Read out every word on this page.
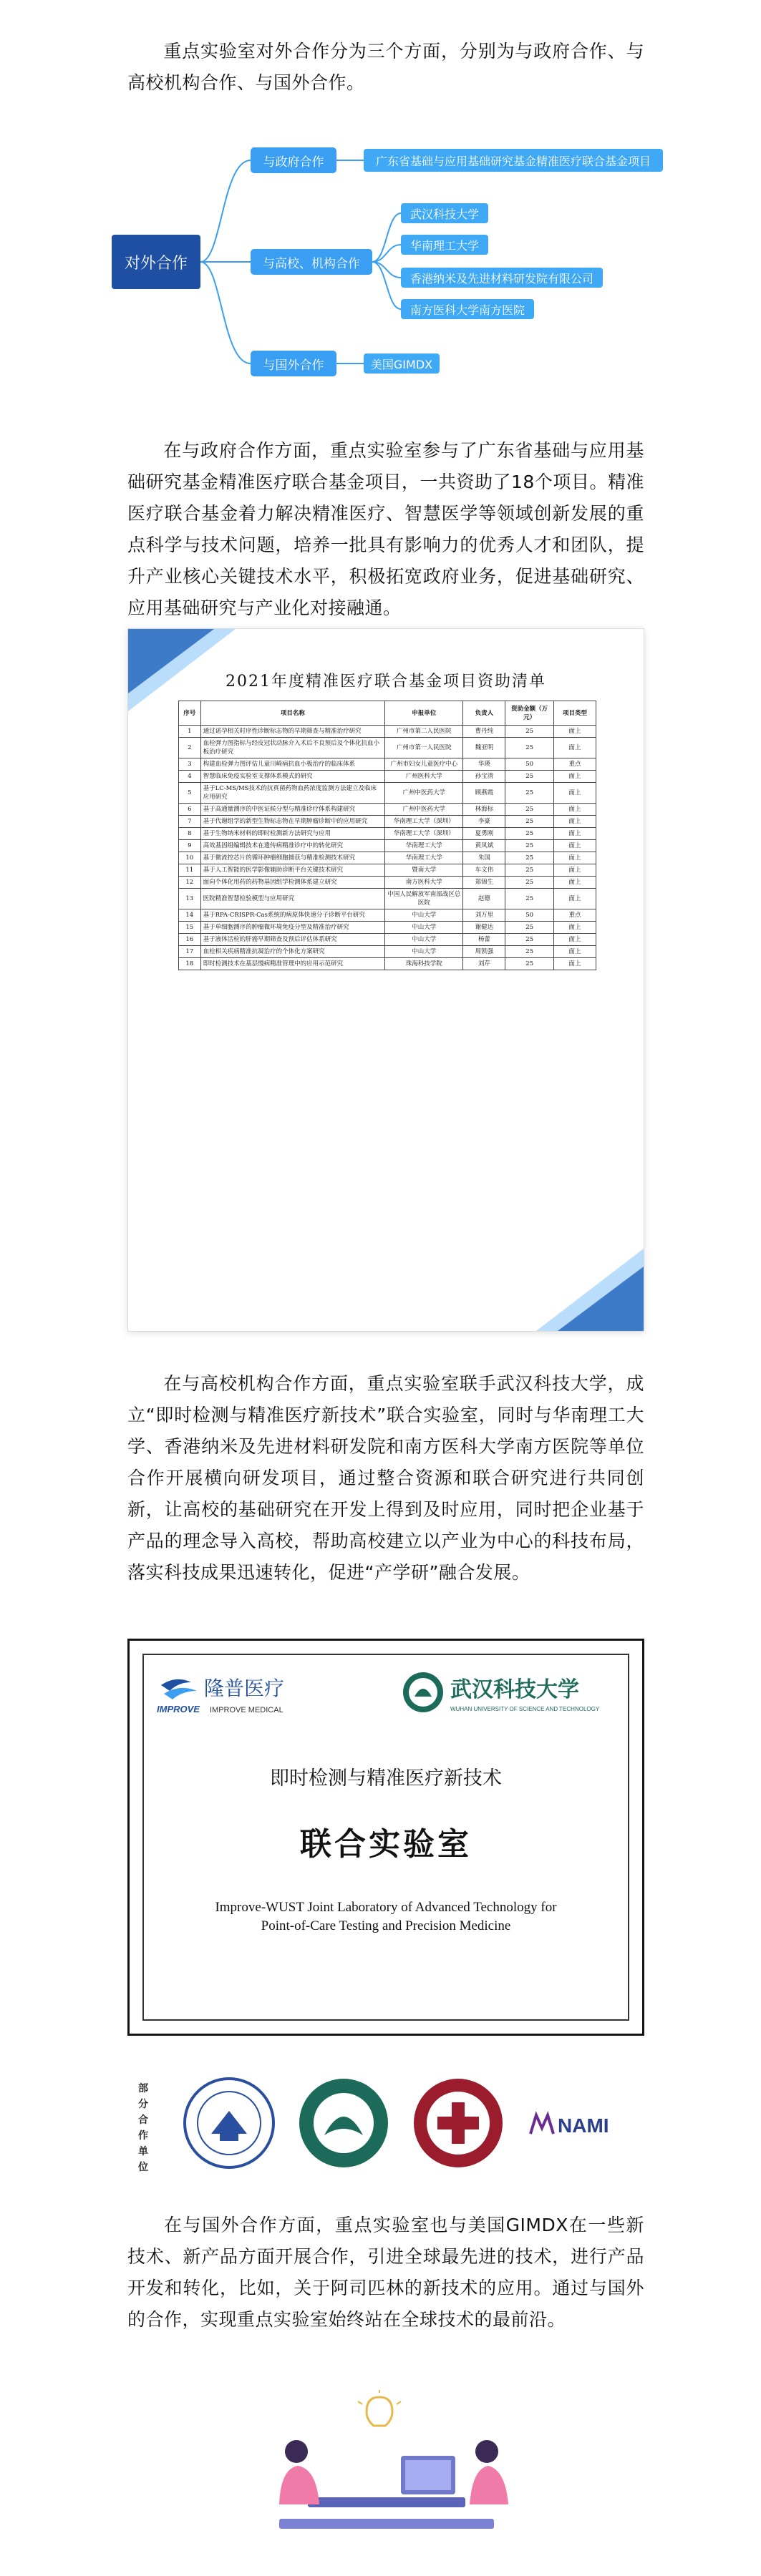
重点实验室对外合作分为三个方面，分别为与政府合作、与高校机构合作、与国外合作。
对外合作
与政府合作
与高校、机构合作
与国外合作
广东省基础与应用基础研究基金精准医疗联合基金项目
武汉科技大学
华南理工大学
香港纳米及先进材料研发院有限公司
南方医科大学南方医院
美国GIMDX
在与政府合作方面，重点实验室参与了广东省基础与应用基础研究基金精准医疗联合基金项目，一共资助了18个项目。精准医疗联合基金着力解决精准医疗、智慧医学等领域创新发展的重点科学与技术问题，培养一批具有影响力的优秀人才和团队，提升产业核心关键技术水平，积极拓宽政府业务，促进基础研究、应用基础研究与产业化对接融通。
2021年度精准医疗联合基金项目资助清单
序号	项目名称	申报单位	负责人	资助金额（万元）	项目类型
1	通过诺孕相关时序性诊断标志物的早期筛查与精准治疗研究	广州市第二人民医院	曹丹纯	25	面上
2	血栓弹力图指标与经皮冠状动脉介入术后不良预后及个体化抗血小板治疗研究	广州市第一人民医院	魏亚明	25	面上
3	构建血栓弹力图评估儿童川崎病抗血小板治疗的临床体系	广州市妇女儿童医疗中心	华瑛	50	重点
4	智慧临床免疫实验室支撑体系模式的研究	广州医科大学	孙宝清	25	面上
5	基于LC-MS/MS技术的抗真菌药物血药浓度监测方法建立及临床应用研究	广州中医药大学	顾燕霞	25	面上
6	基于高通量测序的中医证候分型与精准诊疗体系构建研究	广州中医药大学	林海标	25	面上
7	基于代谢组学的新型生物标志物在早期肿瘤诊断中的应用研究	华南理工大学（深圳）	李豪	25	面上
8	基于生物纳米材料的即时检测新方法研究与应用	华南理工大学（深圳）	夏勇刚	25	面上
9	高效基因组编辑技术在遗传病精准诊疗中的转化研究	华南理工大学	黄凤斌	25	面上
10	基于微流控芯片的循环肿瘤细胞捕获与精准检测技术研究	华南理工大学	朱国	25	面上
11	基于人工智能的医学影像辅助诊断平台关键技术研究	暨南大学	车文伟	25	面上
12	面向个体化用药的药物基因组学检测体系建立研究	南方医科大学	郑锦生	25	面上
13	医院精准智慧检验模型与应用研究	中国人民解放军南部战区总医院	赵德	25	面上
14	基于RPA-CRISPR-Cas系统的病原体快速分子诊断平台研究	中山大学	刘万里	50	重点
15	基于单细胞测序的肿瘤微环境免疫分型及精准治疗研究	中山大学	谢健达	25	面上
16	基于液体活检的肝癌早期筛查及预后评估体系研究	中山大学	杨蕾	25	面上
17	血栓相关疾病精准抗凝治疗的个体化方案研究	中山大学	周凯强	25	面上
18	即时检测技术在基层慢病精准管理中的应用示范研究	珠海科技学院	刘芹	25	面上
在与高校机构合作方面，重点实验室联手武汉科技大学，成立“即时检测与精准医疗新技术”联合实验室，同时与华南理工大学、香港纳米及先进材料研发院和南方医科大学南方医院等单位合作开展横向研发项目，通过整合资源和联合研究进行共同创新，让高校的基础研究在开发上得到及时应用，同时把企业基于产品的理念导入高校，帮助高校建立以产业为中心的科技布局，落实科技成果迅速转化，促进“产学研”融合发展。
隆普医疗
IMPROVE IMPROVE MEDICAL
武汉科技大学
WUHAN UNIVERSITY OF SCIENCE AND TECHNOLOGY
即时检测与精准医疗新技术
联合实验室
Improve-WUST Joint Laboratory of Advanced Technology for
Point-of-Care Testing and Precision Medicine
部分合作单位
NAMI
在与国外合作方面，重点实验室也与美国GIMDX在一些新技术、新产品方面开展合作，引进全球最先进的技术，进行产品开发和转化，比如，关于阿司匹林的新技术的应用。通过与国外的合作，实现重点实验室始终站在全球技术的最前沿。
